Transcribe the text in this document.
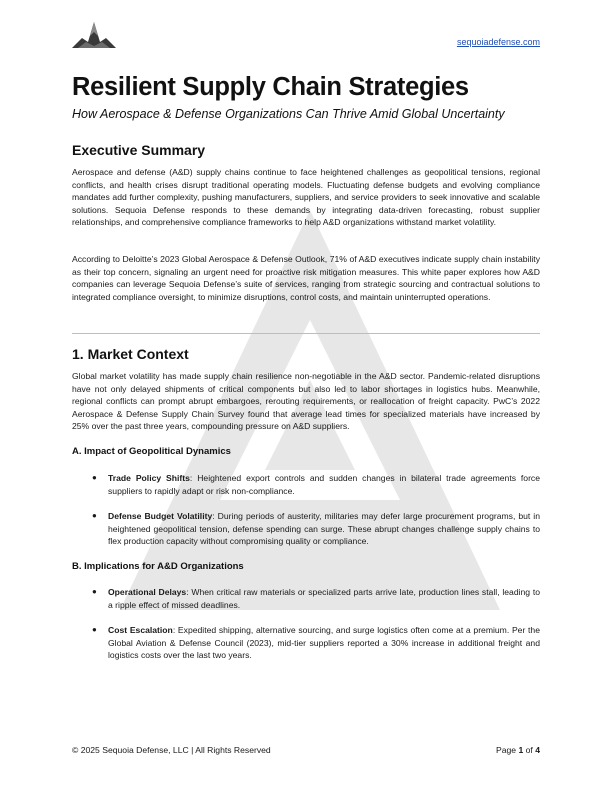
sequoiadefense.com
Resilient Supply Chain Strategies

How Aerospace & Defense Organizations Can Thrive Amid Global Uncertainty

Executive Summary

Aerospace and defense (A&D) supply chains continue to face heightened challenges as geopolitical tensions, regional conflicts, and health crises disrupt traditional operating models. Fluctuating defense budgets and evolving compliance mandates add further complexity, pushing manufacturers, suppliers, and service providers to seek innovative and scalable solutions. Sequoia Defense responds to these demands by integrating data-driven forecasting, robust supplier relationships, and comprehensive compliance frameworks to help A&D organizations withstand market volatility.

According to Deloitte’s 2023 Global Aerospace & Defense Outlook, 71% of A&D executives indicate supply chain instability as their top concern, signaling an urgent need for proactive risk mitigation measures. This white paper explores how A&D companies can leverage Sequoia Defense’s suite of services, ranging from strategic sourcing and contractual solutions to integrated compliance oversight, to minimize disruptions, control costs, and maintain uninterrupted operations.

1. Market Context

Global market volatility has made supply chain resilience non-negotiable in the A&D sector. Pandemic-related disruptions have not only delayed shipments of critical components but also led to labor shortages in logistics hubs. Meanwhile, regional conflicts can prompt abrupt embargoes, rerouting requirements, or reallocation of freight capacity. PwC’s 2022 Aerospace & Defense Supply Chain Survey found that average lead times for specialized materials have increased by 25% over the past three years, compounding pressure on A&D suppliers.

A. Impact of Geopolitical Dynamics
● Trade Policy Shifts: Heightened export controls and sudden changes in bilateral trade agreements force suppliers to rapidly adapt or risk non-compliance.
● Defense Budget Volatility: During periods of austerity, militaries may defer large procurement programs, but in heightened geopolitical tension, defense spending can surge. These abrupt changes challenge supply chains to flex production capacity without compromising quality or compliance.
B. Implications for A&D Organizations
● Operational Delays: When critical raw materials or specialized parts arrive late, production lines stall, leading to a ripple effect of missed deadlines.
● Cost Escalation: Expedited shipping, alternative sourcing, and surge logistics often come at a premium. Per the Global Aviation & Defense Council (2023), mid-tier suppliers reported a 30% increase in additional freight and logistics costs over the last two years.
© 2025 Sequoia Defense, LLC | All Rights Reserved	Page 1 of 4
